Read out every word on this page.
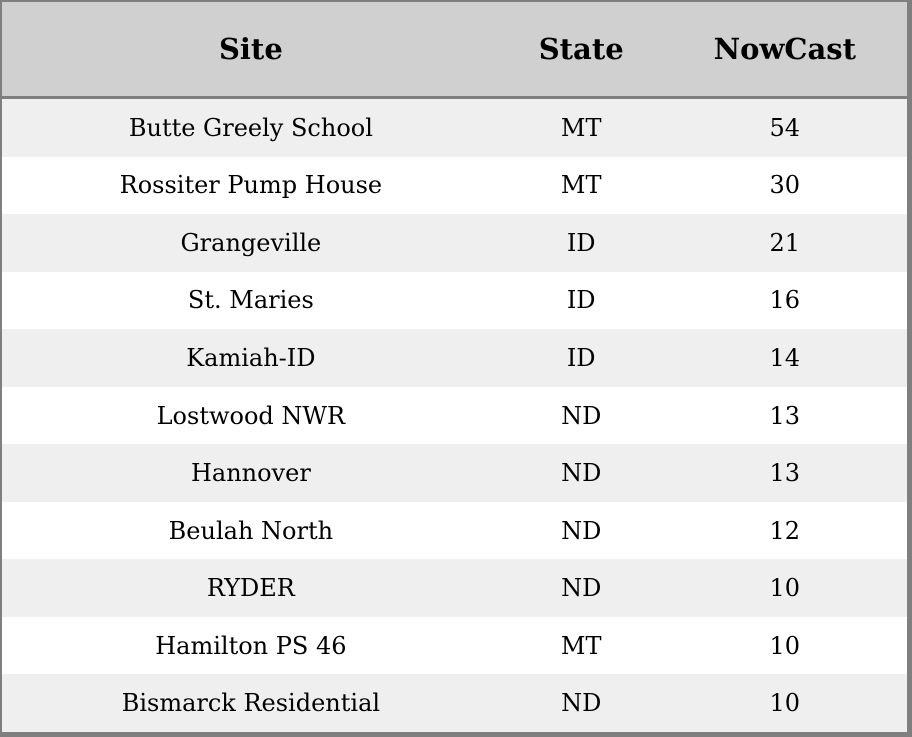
Site	State	NowCast
Butte Greely School	MT	54
Rossiter Pump House	MT	30
Grangeville	ID	21
St. Maries	ID	16
Kamiah-ID	ID	14
Lostwood NWR	ND	13
Hannover	ND	13
Beulah North	ND	12
RYDER	ND	10
Hamilton PS 46	MT	10
Bismarck Residential	ND	10
